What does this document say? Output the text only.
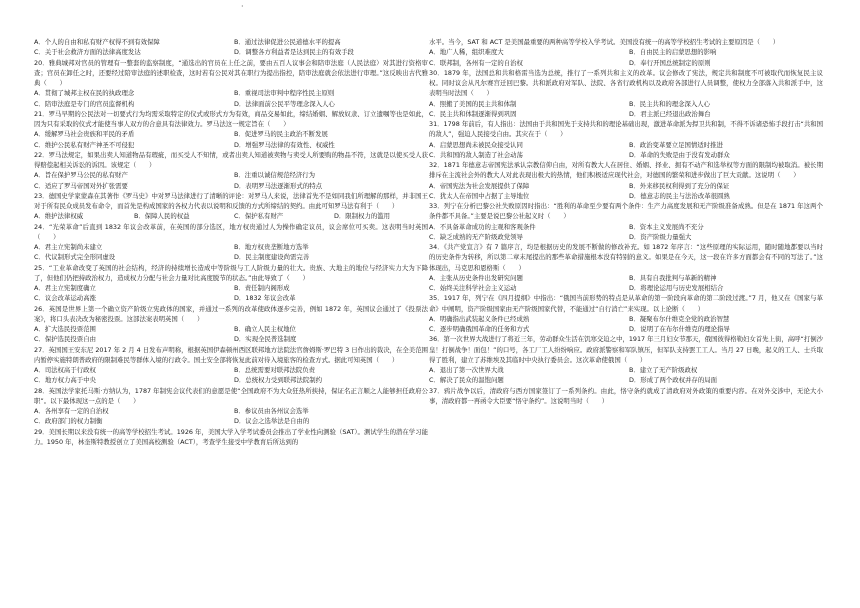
·
A．个人的自由和私有财产权得不到有效保障	B．通过法律促进公民道德水平的提高
C．关于社会救济方面的法律高度发达	D．调整各方利益者是达到民主的有效手段

20．雅典城邦对官员的管理有一整套的监察制度，“通选出的官员在上任之前，要由五百人议事会和陪审法庭（人民法庭）对其进行资格审查；官员在卸任之时，还要经过陪审法庭的述职检查，这时若有公民对其在职行为提出指控，陪审法庭就会依法进行审理。”这反映出古代雅典（　　）

A．贯彻了城邦主权在民的执政理念	B．重视司法审判中程序性民主原则
C．陪审法庭是专门的官员监督机构	D．法律面前公民平等理念深入人心

21．罗马早期的公民法对一切要式行为均需采取特定的仪式或形式方为有效，商品交易如此，缔结婚姻、解放奴隶、订立遗嘱等也是如此，因为只有采取的仪式才能使当事人双方的合意具有法律效力。罗马法这一规定旨在（　　）

A．缓解罗马社会贵族和平民的矛盾	B．促进罗马的民主政治不断发展
C．维护公民私有财产神圣不可侵犯	D．增强罗马法律的有效性、权威性

22．罗马法规定，如果出卖人知道物品有瑕疵，而买受人不知情，或者出卖人知道被卖物与卖受人所要购的物品不符，这就是以使买受人获得赔偿起相关诉讼的诉因。该规定（　　）

A．旨在保护罗马公民的私有财产	B．注重以诚信规范经济行为
C．适应了罗马帝国对外扩张需要	D．表明罗马法逐渐形式的特点

23．德国史学家蒙森在其著作《罗马史》中对罗马法律进行了清晰的评论：对罗马人来说，法律首先不是如同我们所理解的那样，并非国王对于所有民众成员发布命令，而首先是构成国家的各权力代表以说明和反馈的方式所缔结的契约。由此可知罗马法有利于（　　）

A．维护法律权威	B．保障人民的权益	C．保护私有财产	D．限制权力的滥用

24．“光荣革命”后直到 1832 年议会改革前，在英国的部分选区，地方权贵通过人为操作确定议员，议会席位可买卖。这表明当时英国（　　）

A．君主立宪制尚未建立	B．地方权贵垄断地方选举
C．代议制形式完全形同虚设	D．民主制度建设尚需完善

25．“工业革命改变了英国的社会结构，经济的持续增长造成中等阶级与工人阶级力量的壮大。贵族、大地主的地位与经济实力大为下降了，但他们仍把持政治权力，造成权力分配与社会力量对比高度脱节的状态。”由此导致了（　　）

A．君主立宪制度确立	B．责任制内阁形成
C．议会改革运动高涨	D．1832 年议会改革

26．英国是世界上第一个确立资产阶级立宪政体的国家，并通过一系列的改革使政体逐步完善，例如 1872 年，英国议会通过了《投票法案》，将口头表决改为秘密投票。这部法案表明英国（　　）

A．扩大选民投票范围	B．确立人民主权地位
C．保护选民投票自由	D．实现全民普选制度

27．英国国王安东尼 2017 年 2 月 4 日发布声明称，根据英国伊森顿州西区联邦地方法院法官詹姆斯·罗巴特 3 日作出的裁决，在全美范围内暂停实施特朗普政府的限制难民等群体入境的行政令。国土安全部将恢复此前对待入境旅客的检查方式。据此可知英国（　　）

A．司法权高于行政权	B．总统需要对联邦法院负责
C．地方权力高于中央	D．总统权力受到联邦法院制约

28．英国法学家托马斯·方纳认为，1787 年制宪会议代表们的意愿是使“全国政府不为大众狂热所挟持，保证名正言顺之人能够担任政府公职”。以下最体现这一点的是（　　）

A．各州享有一定的自治权	B．参议员由各州议会选举
C．政府部门的权力制衡	D．议会之选举法是自由的

29．美国长期以来没有统一的高等学校招生考试。1926 年，美国大学入学考试委员会推出了学业性向测验（SAT）。测试学生的潜在学习能力。1950 年，林奎斯特教授创立了美国高校测验（ACT），考查学生接受中学教育后所达到的

水平。当今，SAT 和 ACT 是美国最重要的两种高等学校入学考试。美国没有统一的高等学校招生考试的主要原因是（　　）

A．地广人稀，组织难度大	B．自由民主的启蒙思想的影响
C．联邦制，各州有一定的自治权	D．奉行开国总统制定的原则

30．1879 年，法国总和共和格雷当选为总统，推行了一系列共和主义的改革。议会修改了宪法，规定共和制度不可被取代而恢复民主议权。同时议会从凡尔赛宫迁回巴黎。共和派政府对军队、法院、各省行政机构以及政府各部进行人员调整，使权力全部落入共和派手中，这表明当时法国（　　）

A．照搬了美国的民主共和体制	B．民主共和的理念深入人心
C．民主共和体制逐渐得到巩固	D．君主派已经退出政治舞台

31．1798 年前后，有人指出：法国由于共和国先于支持共和的理论基础出现，激进革命派为捍卫共和制，不得不诉诸恐怖手段打击“共和国的敌人”，强迫人民接受自由。其灾在于（　　）

A．启蒙思想尚未被民众接受认同	B．政治变革要立足国情适时推进
C．共和国的敌人制造了社会动荡	D．革命的失败是由于没有发动群众

32．1871 年德意志帝国宪法承认宗教信仰自由，对所有教大人在居住、婚姻、择业、拥有不动产和选举权等方面的限制均被取消。被长期排斥在主流社会外的教大人对此表现出极大的热情，他们积极适应现代社会，对德国的繁荣和进步做出了巨大贡献。这说明（　　）

A．帝国宪法为社会发展提供了保障	B．外来移民权利得到了充分的保证
C．犹太人在帝国中占据了主导地位	D．德意志的民主与法治改革很圆熟

33．列宁在分析巴黎公社失败原因时指出：“胜利的革命至少要有两个条件：生产力高度发展和无产阶级准备成熟。但是在 1871 年这两个条件都不具备。”主要是说巴黎公社起义时（　　）

A．不具备革命成功的主观和客观条件	B．资本主义发展尚不充分
C．缺乏成熟的无产阶级政党领导	D．资产阶级力量强大

34．《共产党宣言》有 7 篇序言，均是根据历史的发展不断做的修改补充。如 1872 年序言：“这些原理的实际运用，随时随地都要以当时的历史条件为转移，所以第二章末尾提出的那些革命措施根本没有特别的意义。如果是在今天，这一段在许多方面都会有不同的写法了。”这体现出，马克思和恩格斯（　　）

A．主张从历史条件出发研究问题	B．具有自我批判与革新的精神
C．始终关注科学社会主义运动	D．将理论运用与历史发展相结合

35．1917 年，列宁在《四月提纲》中指出：“俄国当前形势的特点是从革命的第一阶段向革命的第二阶段过渡。”7 月，他又在《国家与革命》中阐明，资产阶级国家由无产阶级国家代替，不能通过“自行消亡”来实现。以上论断（　　）

A．明确指出武装起义条件已经成熟	B．凝聚布尔什维克全党的政治智慧
C．逐步明确俄国革命的任务和方式	D．说明了在布尔什维克的理论指导

36．第一次世界大战进行了将近三年，劳动群众生活在饥寒交迫之中，1917 年三月妇女节那天，俄国彼得格勒妇女首先上街，高呼“打倒沙皇！打倒战争！面包！”的口号，各工厂工人纷纷响应。政府派警察和军队镇压，但军队支持罢工工人。当月 27 日晚，起义的工人、士兵取得了胜利，建立了苏维埃及其临时中央执行委员会。这次革命使俄国（　　）

A．退出了第一次世界大战	B．建立了无产阶级政权
C．解决了民众的温饱问题	D．形成了两个政权并存的局面

37．鸦片战争以后，清政府与西方国家签订了一系列条约。由此，恪守条约就成了清政府对外政策的重要内容。在对外交涉中，无论大小事，清政府都一再函令大臣要“恪守条约”。这说明当时（　　）
